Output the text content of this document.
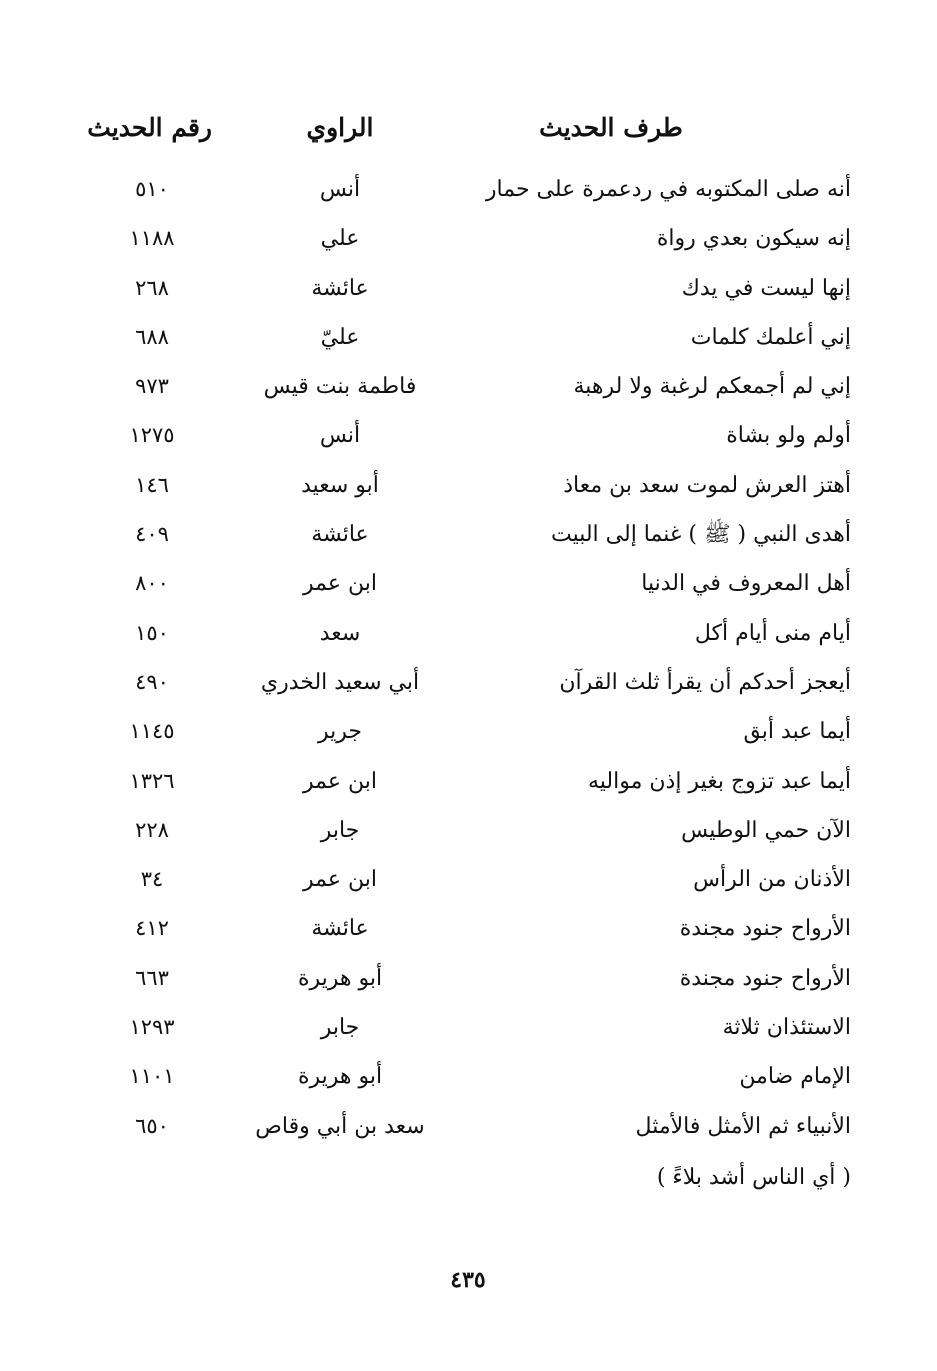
طرف الحديث
الراوي
رقم الحديث
أنه صلى المكتوبه في ردعمرة على حمار
أنس
٥١٠
إنه سيكون بعدي رواة
علي
١١٨٨
إنها ليست في يدك
عائشة
٢٦٨
إني أعلمك كلمات
عليّ
٦٨٨
إني لم أجمعكم لرغبة ولا لرهبة
فاطمة بنت قيس
٩٧٣
أولم ولو بشاة
أنس
١٢٧٥
أهتز العرش لموت سعد بن معاذ
أبو سعيد
١٤٦
أهدى النبي ( ﷺ ) غنما إلى البيت
عائشة
٤٠٩
أهل المعروف في الدنيا
ابن عمر
٨٠٠
أيام منى أيام أكل
سعد
١٥٠
أيعجز أحدكم أن يقرأ ثلث القرآن
أبي سعيد الخدري
٤٩٠
أيما عبد أبق
جرير
١١٤٥
أيما عبد تزوج بغير إذن مواليه
ابن عمر
١٣٢٦
الآن حمي الوطيس
جابر
٢٢٨
الأذنان من الرأس
ابن عمر
٣٤
الأرواح جنود مجندة
عائشة
٤١٢
الأرواح جنود مجندة
أبو هريرة
٦٦٣
الاستئذان ثلاثة
جابر
١٢٩٣
الإمام ضامن
أبو هريرة
١١٠١
الأنبياء ثم الأمثل فالأمثل
سعد بن أبي وقاص
٦٥٠
( أي الناس أشد بلاءً )
٤٣٥
